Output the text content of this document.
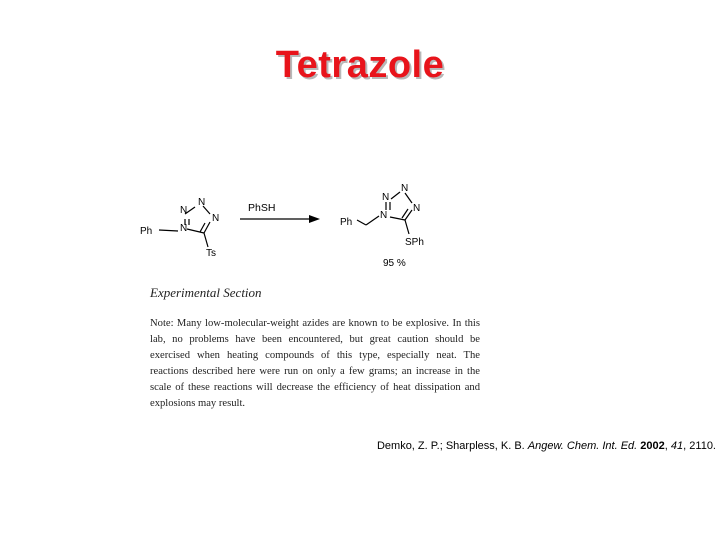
Tetrazole
N
N
N
N
Ph
Ts
PhSH
N
N
N
N
Ph
SPh
95 %
Experimental Section

Note: Many low-molecular-weight azides are known to be explosive. In this lab, no problems have been encountered, but great caution should be exercised when heating compounds of this type, especially neat. The reactions described here were run on only a few grams; an increase in the scale of these reactions will decrease the efficiency of heat dissipation and explosions may result.

Demko, Z. P.; Sharpless, K. B. Angew. Chem. Int. Ed. 2002, 41, 2110.
